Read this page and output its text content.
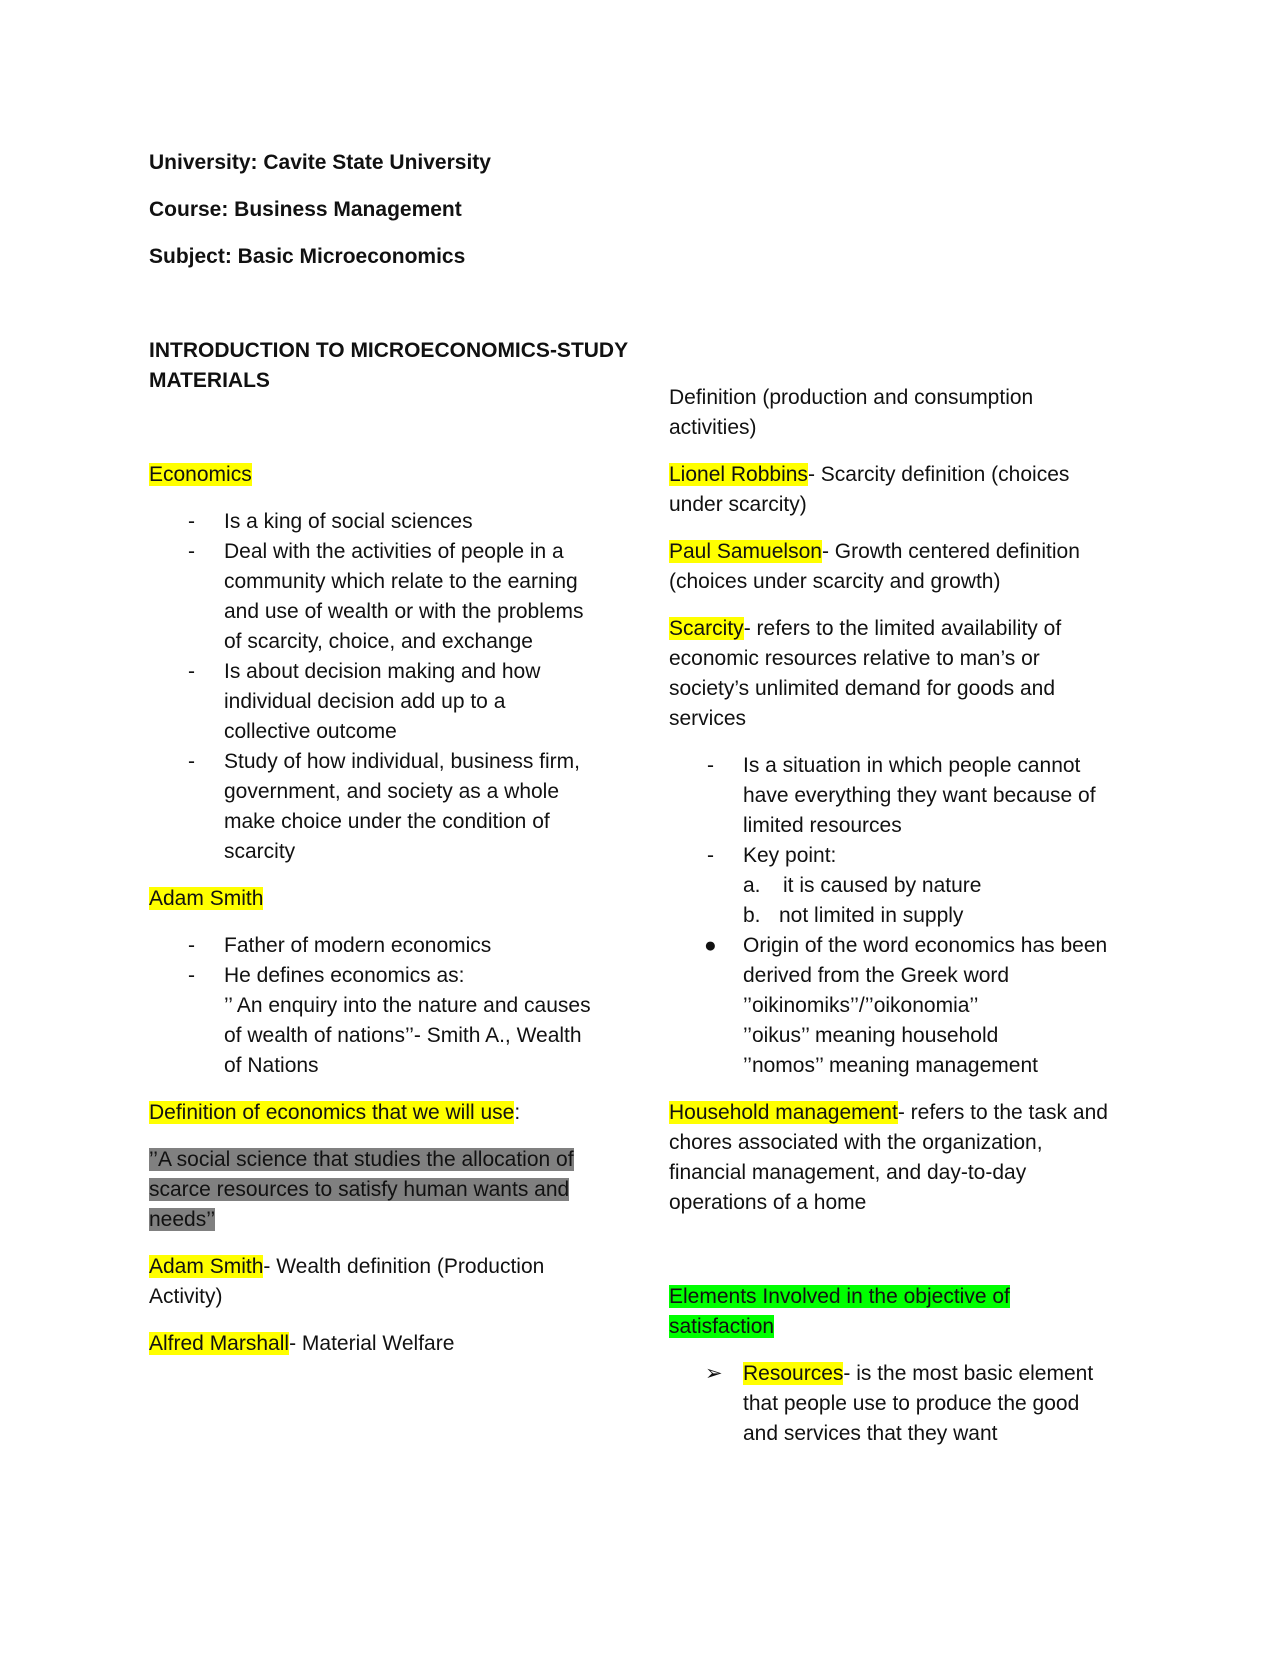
University: Cavite State University
Course: Business Management
Subject: Basic Microeconomics
INTRODUCTION TO MICROECONOMICS-STUDY
MATERIALS
Economics
- Is a king of social sciences
- Deal with the activities of people in a
community which relate to the earning
and use of wealth or with the problems
of scarcity, choice, and exchange
- Is about decision making and how
individual decision add up to a
collective outcome
- Study of how individual, business firm,
government, and society as a whole
make choice under the condition of
scarcity
Adam Smith
- Father of modern economics
- He defines economics as:
’’ An enquiry into the nature and causes
of wealth of nations’’- Smith A., Wealth
of Nations
Definition of economics that we will use:
’’A social science that studies the allocation of
scarce resources to satisfy human wants and
needs’’
Adam Smith- Wealth definition (Production
Activity)
Alfred Marshall- Material Welfare
Definition (production and consumption
activities)
Lionel Robbins- Scarcity definition (choices
under scarcity)
Paul Samuelson- Growth centered definition
(choices under scarcity and growth)
Scarcity- refers to the limited availability of
economic resources relative to man’s or
society’s unlimited demand for goods and
services
- Is a situation in which people cannot
have everything they want because of
limited resources
- Key point:
a. it is caused by nature
b. not limited in supply
● Origin of the word economics has been
derived from the Greek word
’’oikinomiks’’/’’oikonomia’’
’’oikus’’ meaning household
’’nomos’’ meaning management
Household management- refers to the task and
chores associated with the organization,
financial management, and day-to-day
operations of a home
Elements Involved in the objective of
satisfaction
➢ Resources- is the most basic element
that people use to produce the good
and services that they want
